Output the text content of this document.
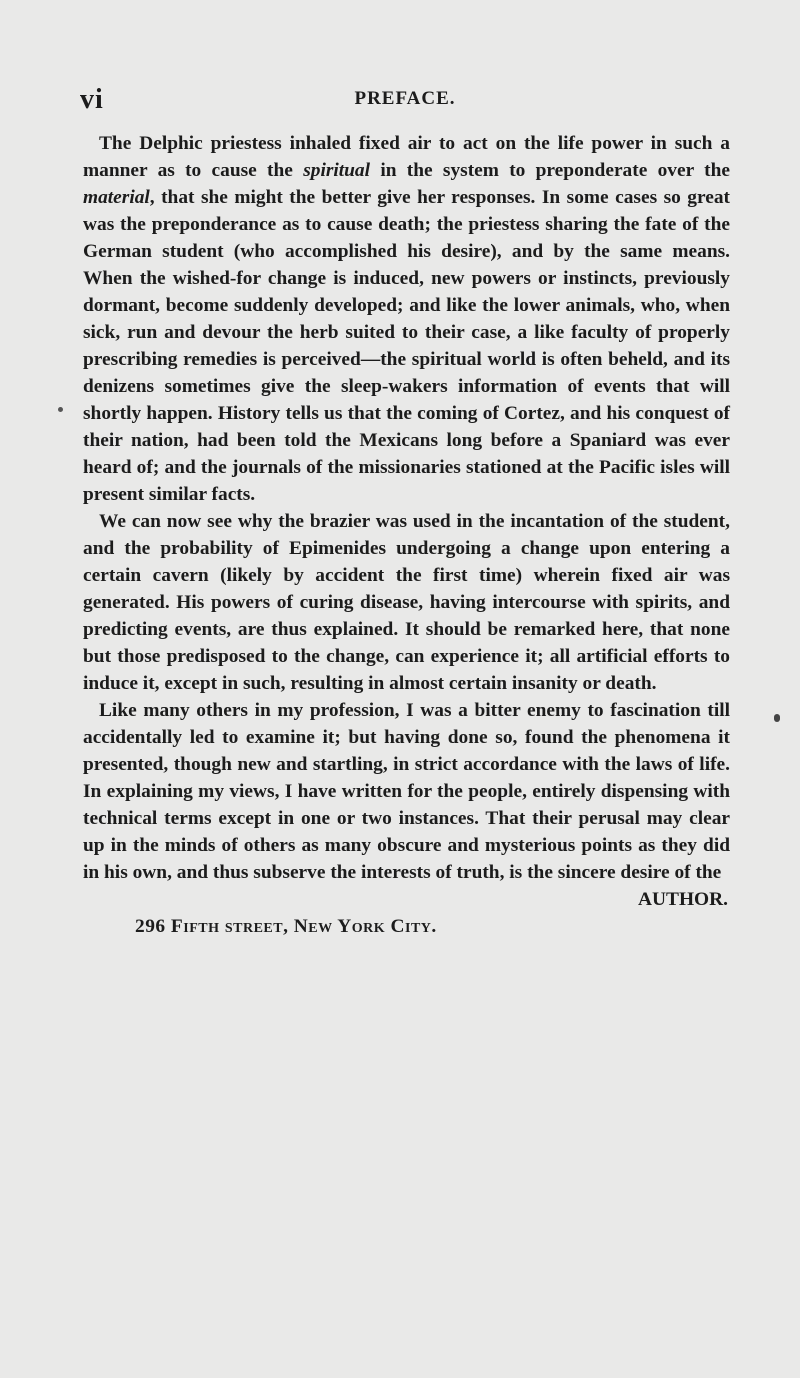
vi	PREFACE.

The Delphic priestess inhaled fixed air to act on the life power in such a manner as to cause the spiritual in the system to preponderate over the material, that she might the better give her responses. In some cases so great was the preponderance as to cause death; the priestess sharing the fate of the German student (who accomplished his desire), and by the same means. When the wished-for change is induced, new powers or instincts, previously dormant, become suddenly developed; and like the lower animals, who, when sick, run and devour the herb suited to their case, a like faculty of properly prescribing remedies is perceived—the spiritual world is often beheld, and its denizens sometimes give the sleep-wakers information of events that will shortly happen. History tells us that the coming of Cortez, and his conquest of their nation, had been told the Mexicans long before a Spaniard was ever heard of; and the journals of the missionaries stationed at the Pacific isles will present similar facts.

We can now see why the brazier was used in the incantation of the student, and the probability of Epimenides undergoing a change upon entering a certain cavern (likely by accident the first time) wherein fixed air was generated. His powers of curing disease, having intercourse with spirits, and predicting events, are thus explained. It should be remarked here, that none but those predisposed to the change, can experience it; all artificial efforts to induce it, except in such, resulting in almost certain insanity or death.

Like many others in my profession, I was a bitter enemy to fascination till accidentally led to examine it; but having done so, found the phenomena it presented, though new and startling, in strict accordance with the laws of life. In explaining my views, I have written for the people, entirely dispensing with technical terms except in one or two instances. That their perusal may clear up in the minds of others as many obscure and mysterious points as they did in his own, and thus subserve the interests of truth, is the sincere desire of the

AUTHOR.

296 Fifth street, New York City.
